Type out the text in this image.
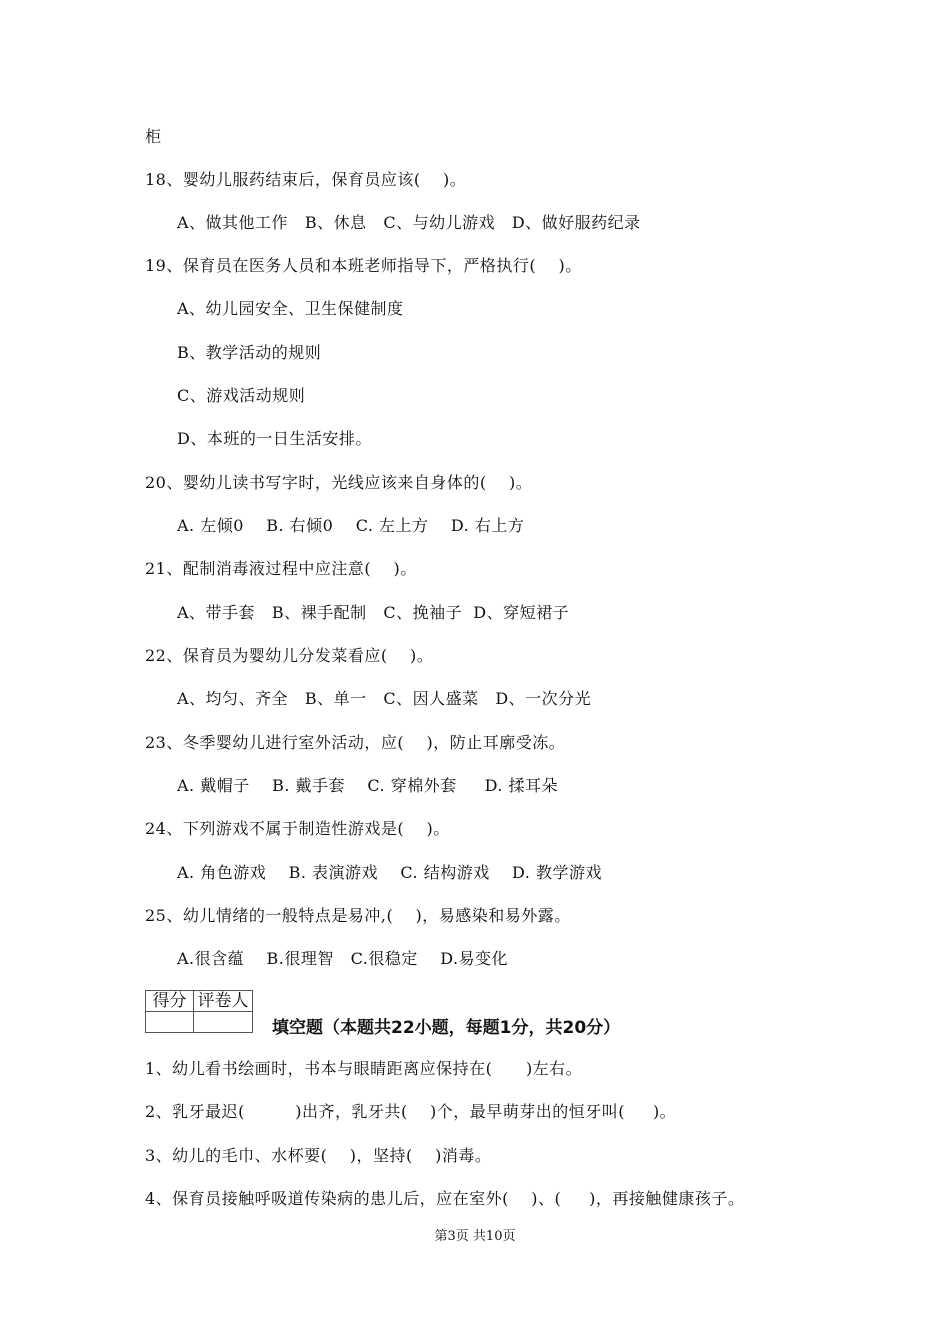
柜
18、婴幼儿服药结束后，保育员应该(    )。
A、做其他工作   B、休息   C、与幼儿游戏   D、做好服药纪录
19、保育员在医务人员和本班老师指导下，严格执行(    )。
A、幼儿园安全、卫生保健制度
B、教学活动的规则
C、游戏活动规则
D、本班的一日生活安排。
20、婴幼儿读书写字时，光线应该来自身体的(    )。
A. 左倾0    B. 右倾0    C. 左上方    D. 右上方
21、配制消毒液过程中应注意(    )。
A、带手套   B、裸手配制   C、挽袖子  D、穿短裙子
22、保育员为婴幼儿分发菜看应(    )。
A、均匀、齐全   B、单一   C、因人盛菜   D、一次分光
23、冬季婴幼儿进行室外活动，应(    )，防止耳廓受冻。
A. 戴帽子    B. 戴手套    C. 穿棉外套     D. 揉耳朵
24、下列游戏不属于制造性游戏是(    )。
A. 角色游戏    B. 表演游戏    C. 结构游戏    D. 教学游戏
25、幼儿情绪的一般特点是易冲,(    )，易感染和易外露。
A.很含蕴    B.很理智   C.很稳定    D.易变化
得分	评卷人

填空题（本题共22小题，每题1分，共20分）
1、幼儿看书绘画时，书本与眼睛距离应保持在(      )左右。
2、乳牙最迟(         )出齐，乳牙共(    )个，最早萌芽出的恒牙叫(     )。
3、幼儿的毛巾、水杯要(    )，坚持(    )消毒。
4、保育员接触呼吸道传染病的患儿后，应在室外(    )、(     )，再接触健康孩子。
第3页 共10页
